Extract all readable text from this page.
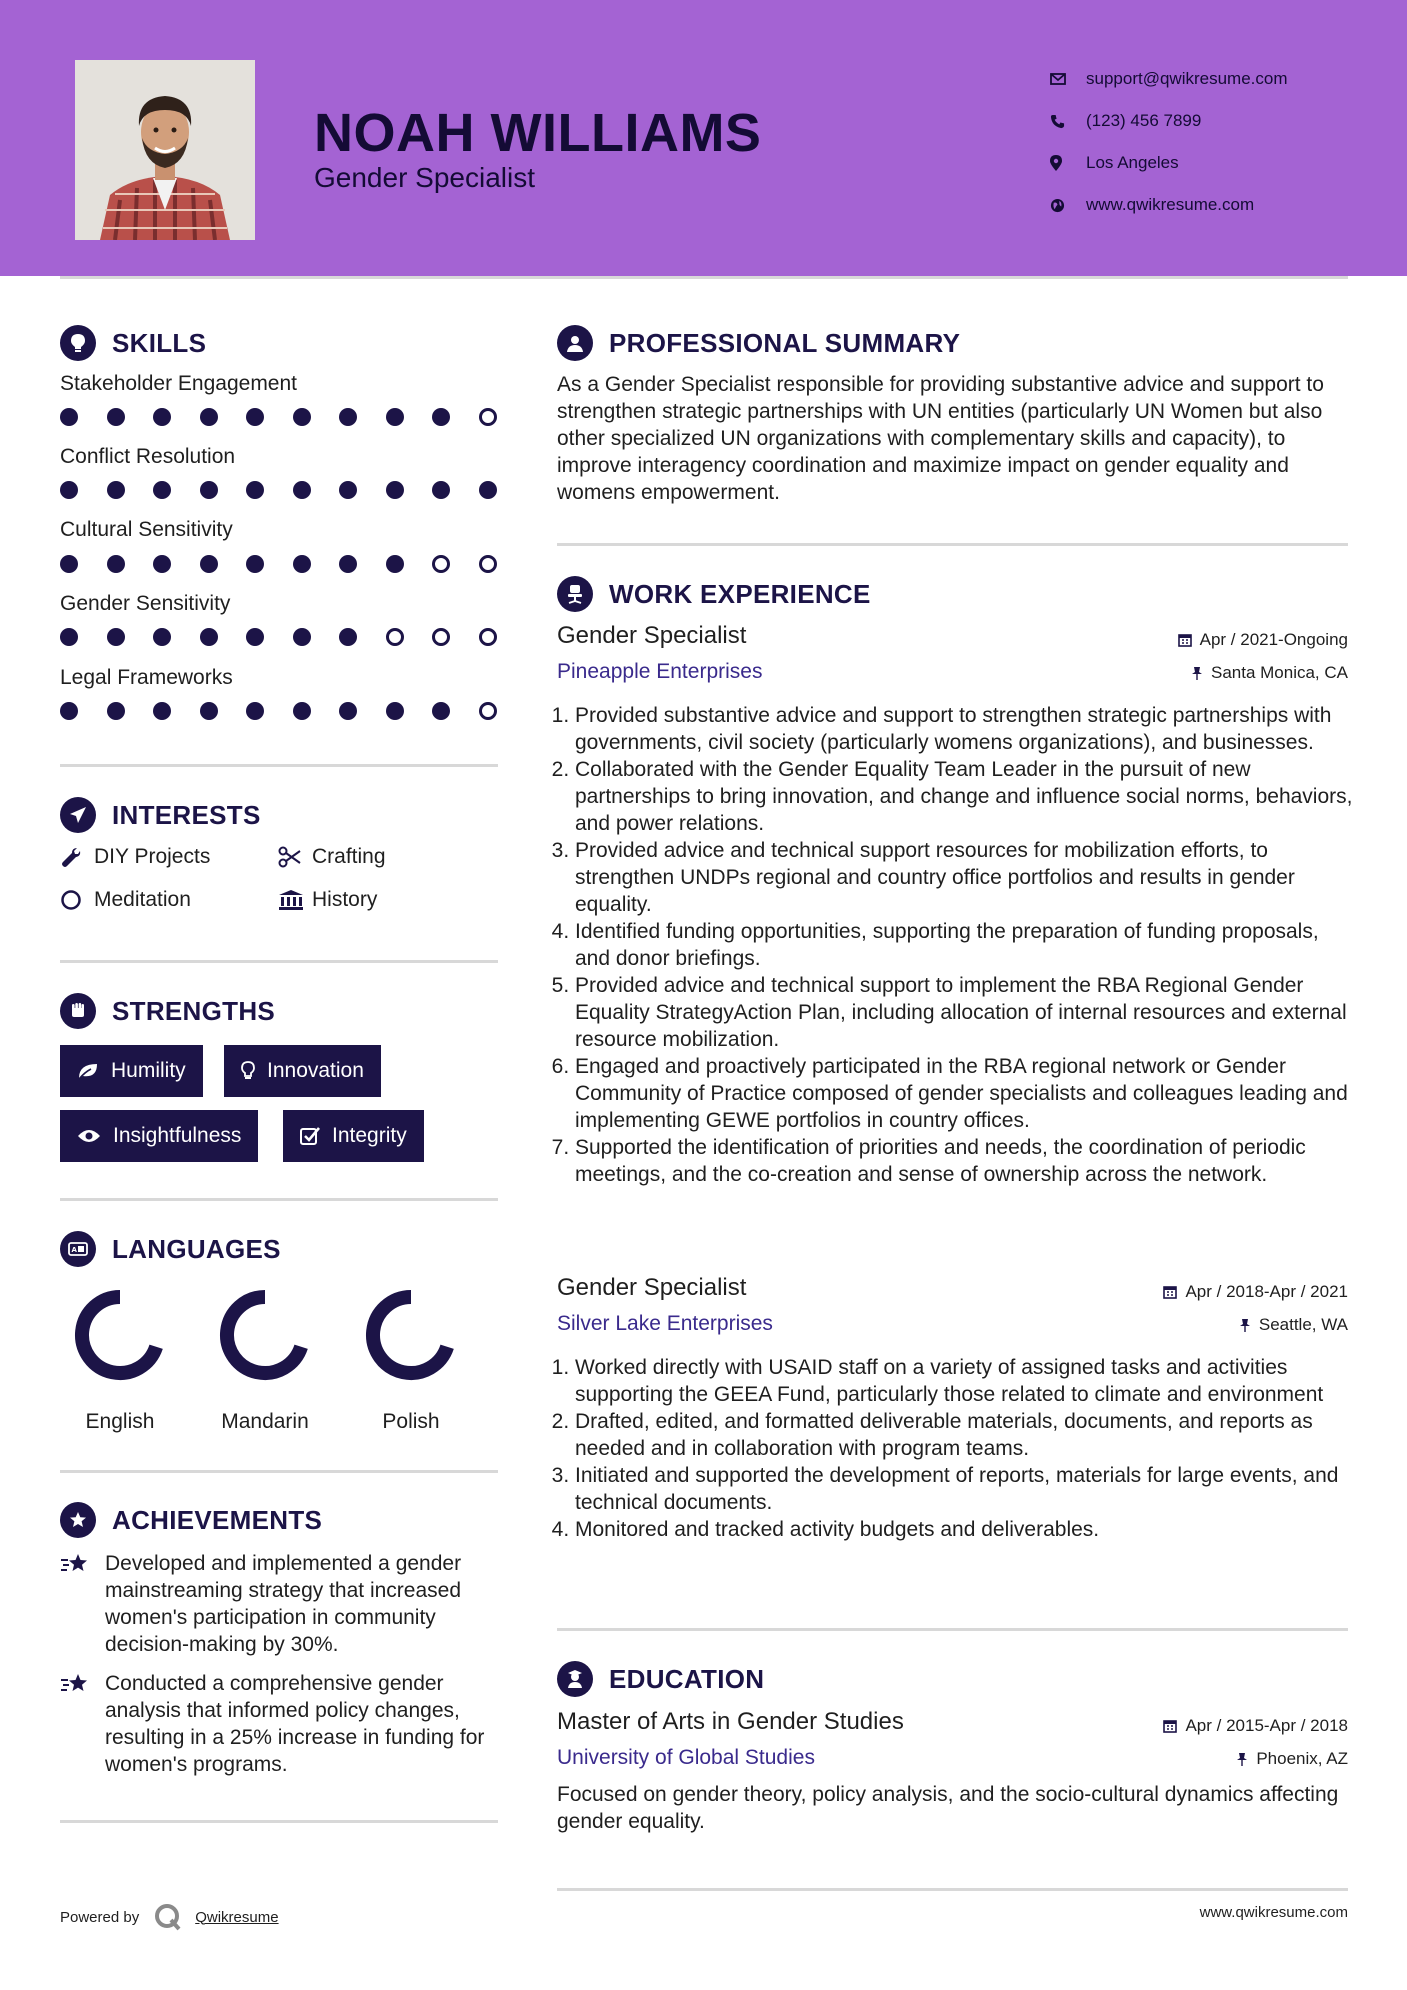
NOAH WILLIAMS
Gender Specialist
support@qwikresume.com
(123) 456 7899
Los Angeles
www.qwikresume.com
SKILLS
Stakeholder Engagement
Conflict Resolution
Cultural Sensitivity
Gender Sensitivity
Legal Frameworks
INTERESTS
DIY Projects	Crafting
Meditation	History
STRENGTHS
Humility	Innovation
Insightfulness	Integrity
A LANGUAGES
English	Mandarin	Polish
ACHIEVEMENTS
Developed and implemented a gender mainstreaming strategy that increased women's participation in community decision-making by 30%.
Conducted a comprehensive gender analysis that informed policy changes, resulting in a 25% increase in funding for women's programs.
PROFESSIONAL SUMMARY
As a Gender Specialist responsible for providing substantive advice and support to strengthen strategic partnerships with UN entities (particularly UN Women but also other specialized UN organizations with complementary skills and capacity), to improve interagency coordination and maximize impact on gender equality and womens empowerment.
WORK EXPERIENCE
Gender Specialist	Apr / 2021-Ongoing
Pineapple Enterprises	Santa Monica, CA
1. Provided substantive advice and support to strengthen strategic partnerships with governments, civil society (particularly womens organizations), and businesses.
2. Collaborated with the Gender Equality Team Leader in the pursuit of new partnerships to bring innovation, and change and influence social norms, behaviors, and power relations.
3. Provided advice and technical support resources for mobilization efforts, to strengthen UNDPs regional and country office portfolios and results in gender equality.
4. Identified funding opportunities, supporting the preparation of funding proposals, and donor briefings.
5. Provided advice and technical support to implement the RBA Regional Gender Equality StrategyAction Plan, including allocation of internal resources and external resource mobilization.
6. Engaged and proactively participated in the RBA regional network or Gender Community of Practice composed of gender specialists and colleagues leading and implementing GEWE portfolios in country offices.
7. Supported the identification of priorities and needs, the coordination of periodic meetings, and the co-creation and sense of ownership across the network.
Gender Specialist	Apr / 2018-Apr / 2021
Silver Lake Enterprises	Seattle, WA
1. Worked directly with USAID staff on a variety of assigned tasks and activities supporting the GEEA Fund, particularly those related to climate and environment
2. Drafted, edited, and formatted deliverable materials, documents, and reports as needed and in collaboration with program teams.
3. Initiated and supported the development of reports, materials for large events, and technical documents.
4. Monitored and tracked activity budgets and deliverables.
EDUCATION
Master of Arts in Gender Studies	Apr / 2015-Apr / 2018
University of Global Studies	Phoenix, AZ
Focused on gender theory, policy analysis, and the socio-cultural dynamics affecting gender equality.
Powered by	Qwikresume	www.qwikresume.com
